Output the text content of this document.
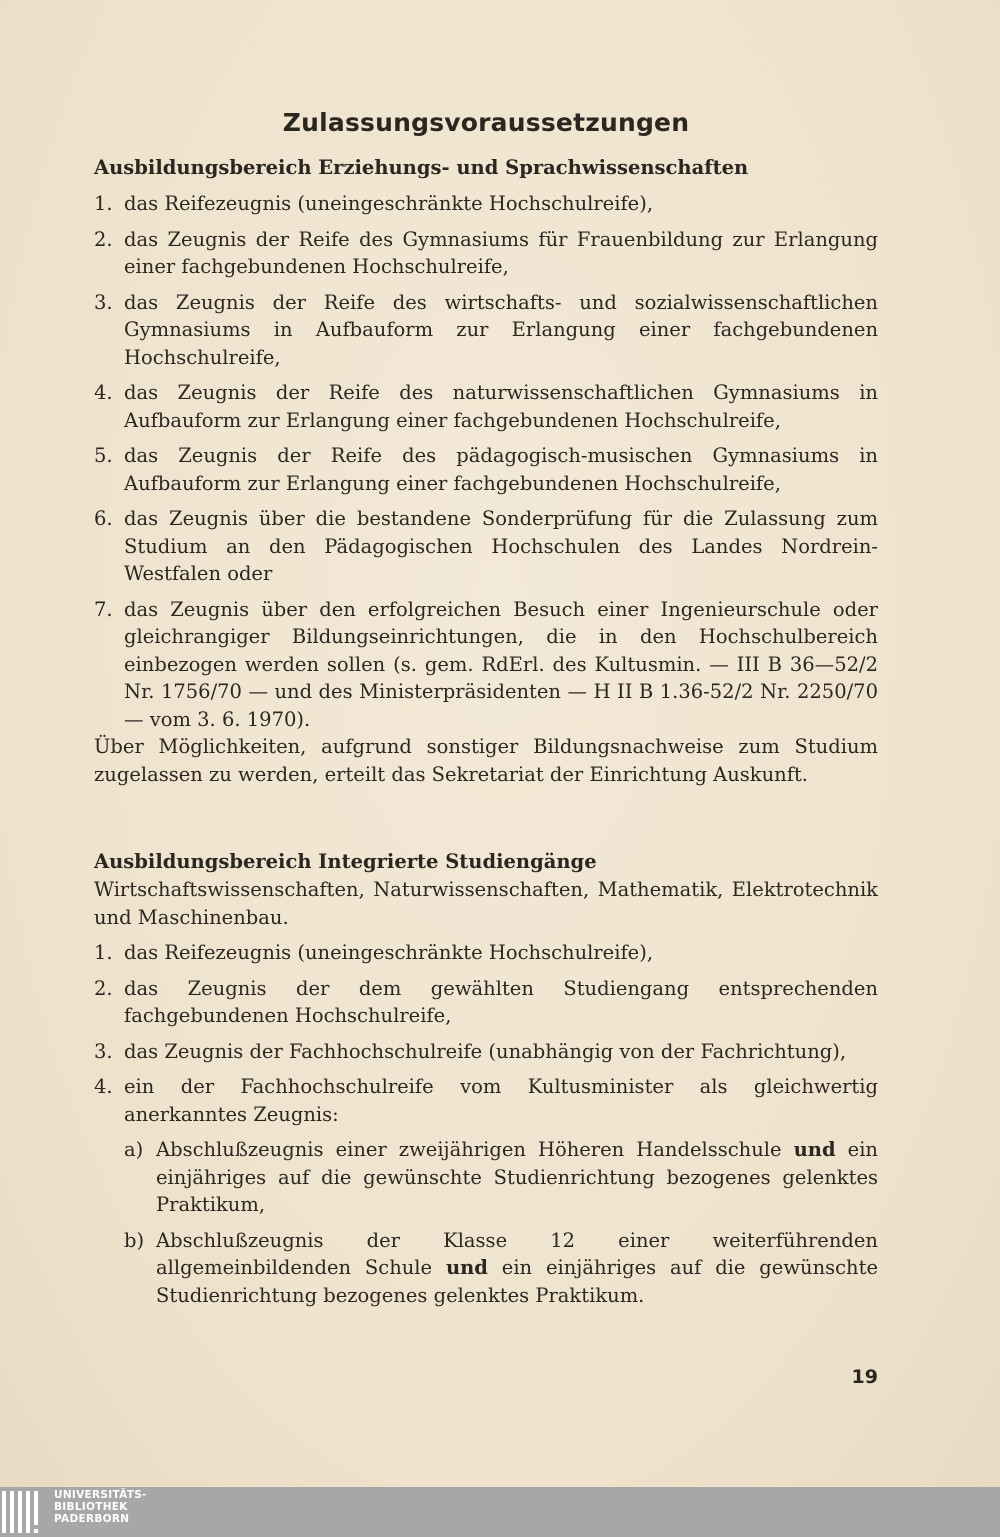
Zulassungsvoraussetzungen
Ausbildungsbereich Erziehungs- und Sprachwissenschaften
1. das Reifezeugnis (uneingeschränkte Hochschulreife),
2. das Zeugnis der Reife des Gymnasiums für Frauenbildung zur Erlangung einer fachgebundenen Hochschulreife,
3. das Zeugnis der Reife des wirtschafts- und sozialwissenschaftlichen Gymnasiums in Aufbauform zur Erlangung einer fachgebundenen Hochschulreife,
4. das Zeugnis der Reife des naturwissenschaftlichen Gymnasiums in Aufbauform zur Erlangung einer fachgebundenen Hochschulreife,
5. das Zeugnis der Reife des pädagogisch-musischen Gymnasiums in Aufbauform zur Erlangung einer fachgebundenen Hochschulreife,
6. das Zeugnis über die bestandene Sonderprüfung für die Zulassung zum Studium an den Pädagogischen Hochschulen des Landes Nordrein-Westfalen oder
7. das Zeugnis über den erfolgreichen Besuch einer Ingenieurschule oder gleichrangiger Bildungseinrichtungen, die in den Hochschulbereich einbezogen werden sollen (s. gem. RdErl. des Kultusmin. — III B 36—52/2 Nr. 1756/70 — und des Ministerpräsidenten — H II B 1.36-52/2 Nr. 2250/70 — vom 3. 6. 1970).

Über Möglichkeiten, aufgrund sonstiger Bildungsnachweise zum Studium zugelassen zu werden, erteilt das Sekretariat der Einrichtung Auskunft.

Ausbildungsbereich Integrierte Studiengänge

Wirtschaftswissenschaften, Naturwissenschaften, Mathematik, Elektrotechnik und Maschinenbau.

1. das Reifezeugnis (uneingeschränkte Hochschulreife),
2. das Zeugnis der dem gewählten Studiengang entsprechenden fachgebundenen Hochschulreife,
3. das Zeugnis der Fachhochschulreife (unabhängig von der Fachrichtung),
4. ein der Fachhochschulreife vom Kultusminister als gleichwertig anerkanntes Zeugnis:
a) Abschlußzeugnis einer zweijährigen Höheren Handelsschule und ein einjähriges auf die gewünschte Studienrichtung bezogenes gelenktes Praktikum,
b) Abschlußzeugnis der Klasse 12 einer weiterführenden allgemeinbildenden Schule und ein einjähriges auf die gewünschte Studienrichtung bezogenes gelenktes Praktikum.
19
UNIVERSITÄTS-
BIBLIOTHEK
PADERBORN
